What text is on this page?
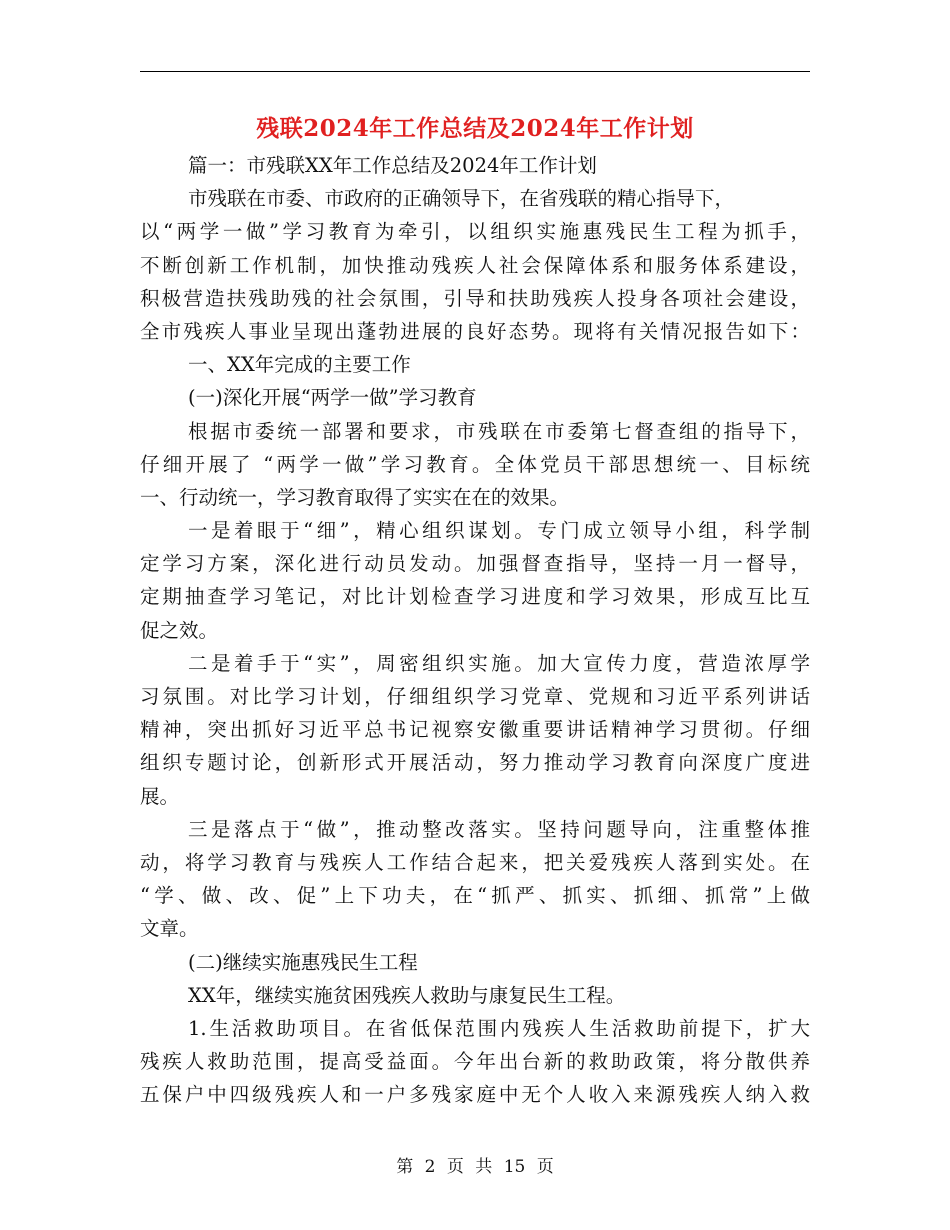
残联2024年工作总结及2024年工作计划
篇一：市残联XX年工作总结及2024年工作计划
市残联在市委、市政府的正确领导下，在省残联的精心指导下，
以“两学一做”学习教育为牵引，以组织实施惠残民生工程为抓手，
不断创新工作机制，加快推动残疾人社会保障体系和服务体系建设，
积极营造扶残助残的社会氛围，引导和扶助残疾人投身各项社会建设，
全市残疾人事业呈现出蓬勃进展的良好态势。现将有关情况报告如下：
一、XX年完成的主要工作
(一)深化开展“两学一做”学习教育
根据市委统一部署和要求，市残联在市委第七督查组的指导下，
仔细开展了 “两学一做”学习教育。全体党员干部思想统一、目标统
一、行动统一，学习教育取得了实实在在的效果。
一是着眼于“细”，精心组织谋划。专门成立领导小组，科学制
定学习方案，深化进行动员发动。加强督查指导，坚持一月一督导，
定期抽查学习笔记，对比计划检查学习进度和学习效果，形成互比互
促之效。
二是着手于“实”，周密组织实施。加大宣传力度，营造浓厚学
习氛围。对比学习计划，仔细组织学习党章、党规和习近平系列讲话
精神，突出抓好习近平总书记视察安徽重要讲话精神学习贯彻。仔细
组织专题讨论，创新形式开展活动，努力推动学习教育向深度广度进
展。
三是落点于“做”，推动整改落实。坚持问题导向，注重整体推
动，将学习教育与残疾人工作结合起来，把关爱残疾人落到实处。在
“学、做、改、促”上下功夫，在“抓严、抓实、抓细、抓常”上做
文章。
(二)继续实施惠残民生工程
XX年，继续实施贫困残疾人救助与康复民生工程。
1.生活救助项目。在省低保范围内残疾人生活救助前提下，扩大
残疾人救助范围，提高受益面。今年出台新的救助政策，将分散供养
五保户中四级残疾人和一户多残家庭中无个人收入来源残疾人纳入救
第 2 页 共 15 页
